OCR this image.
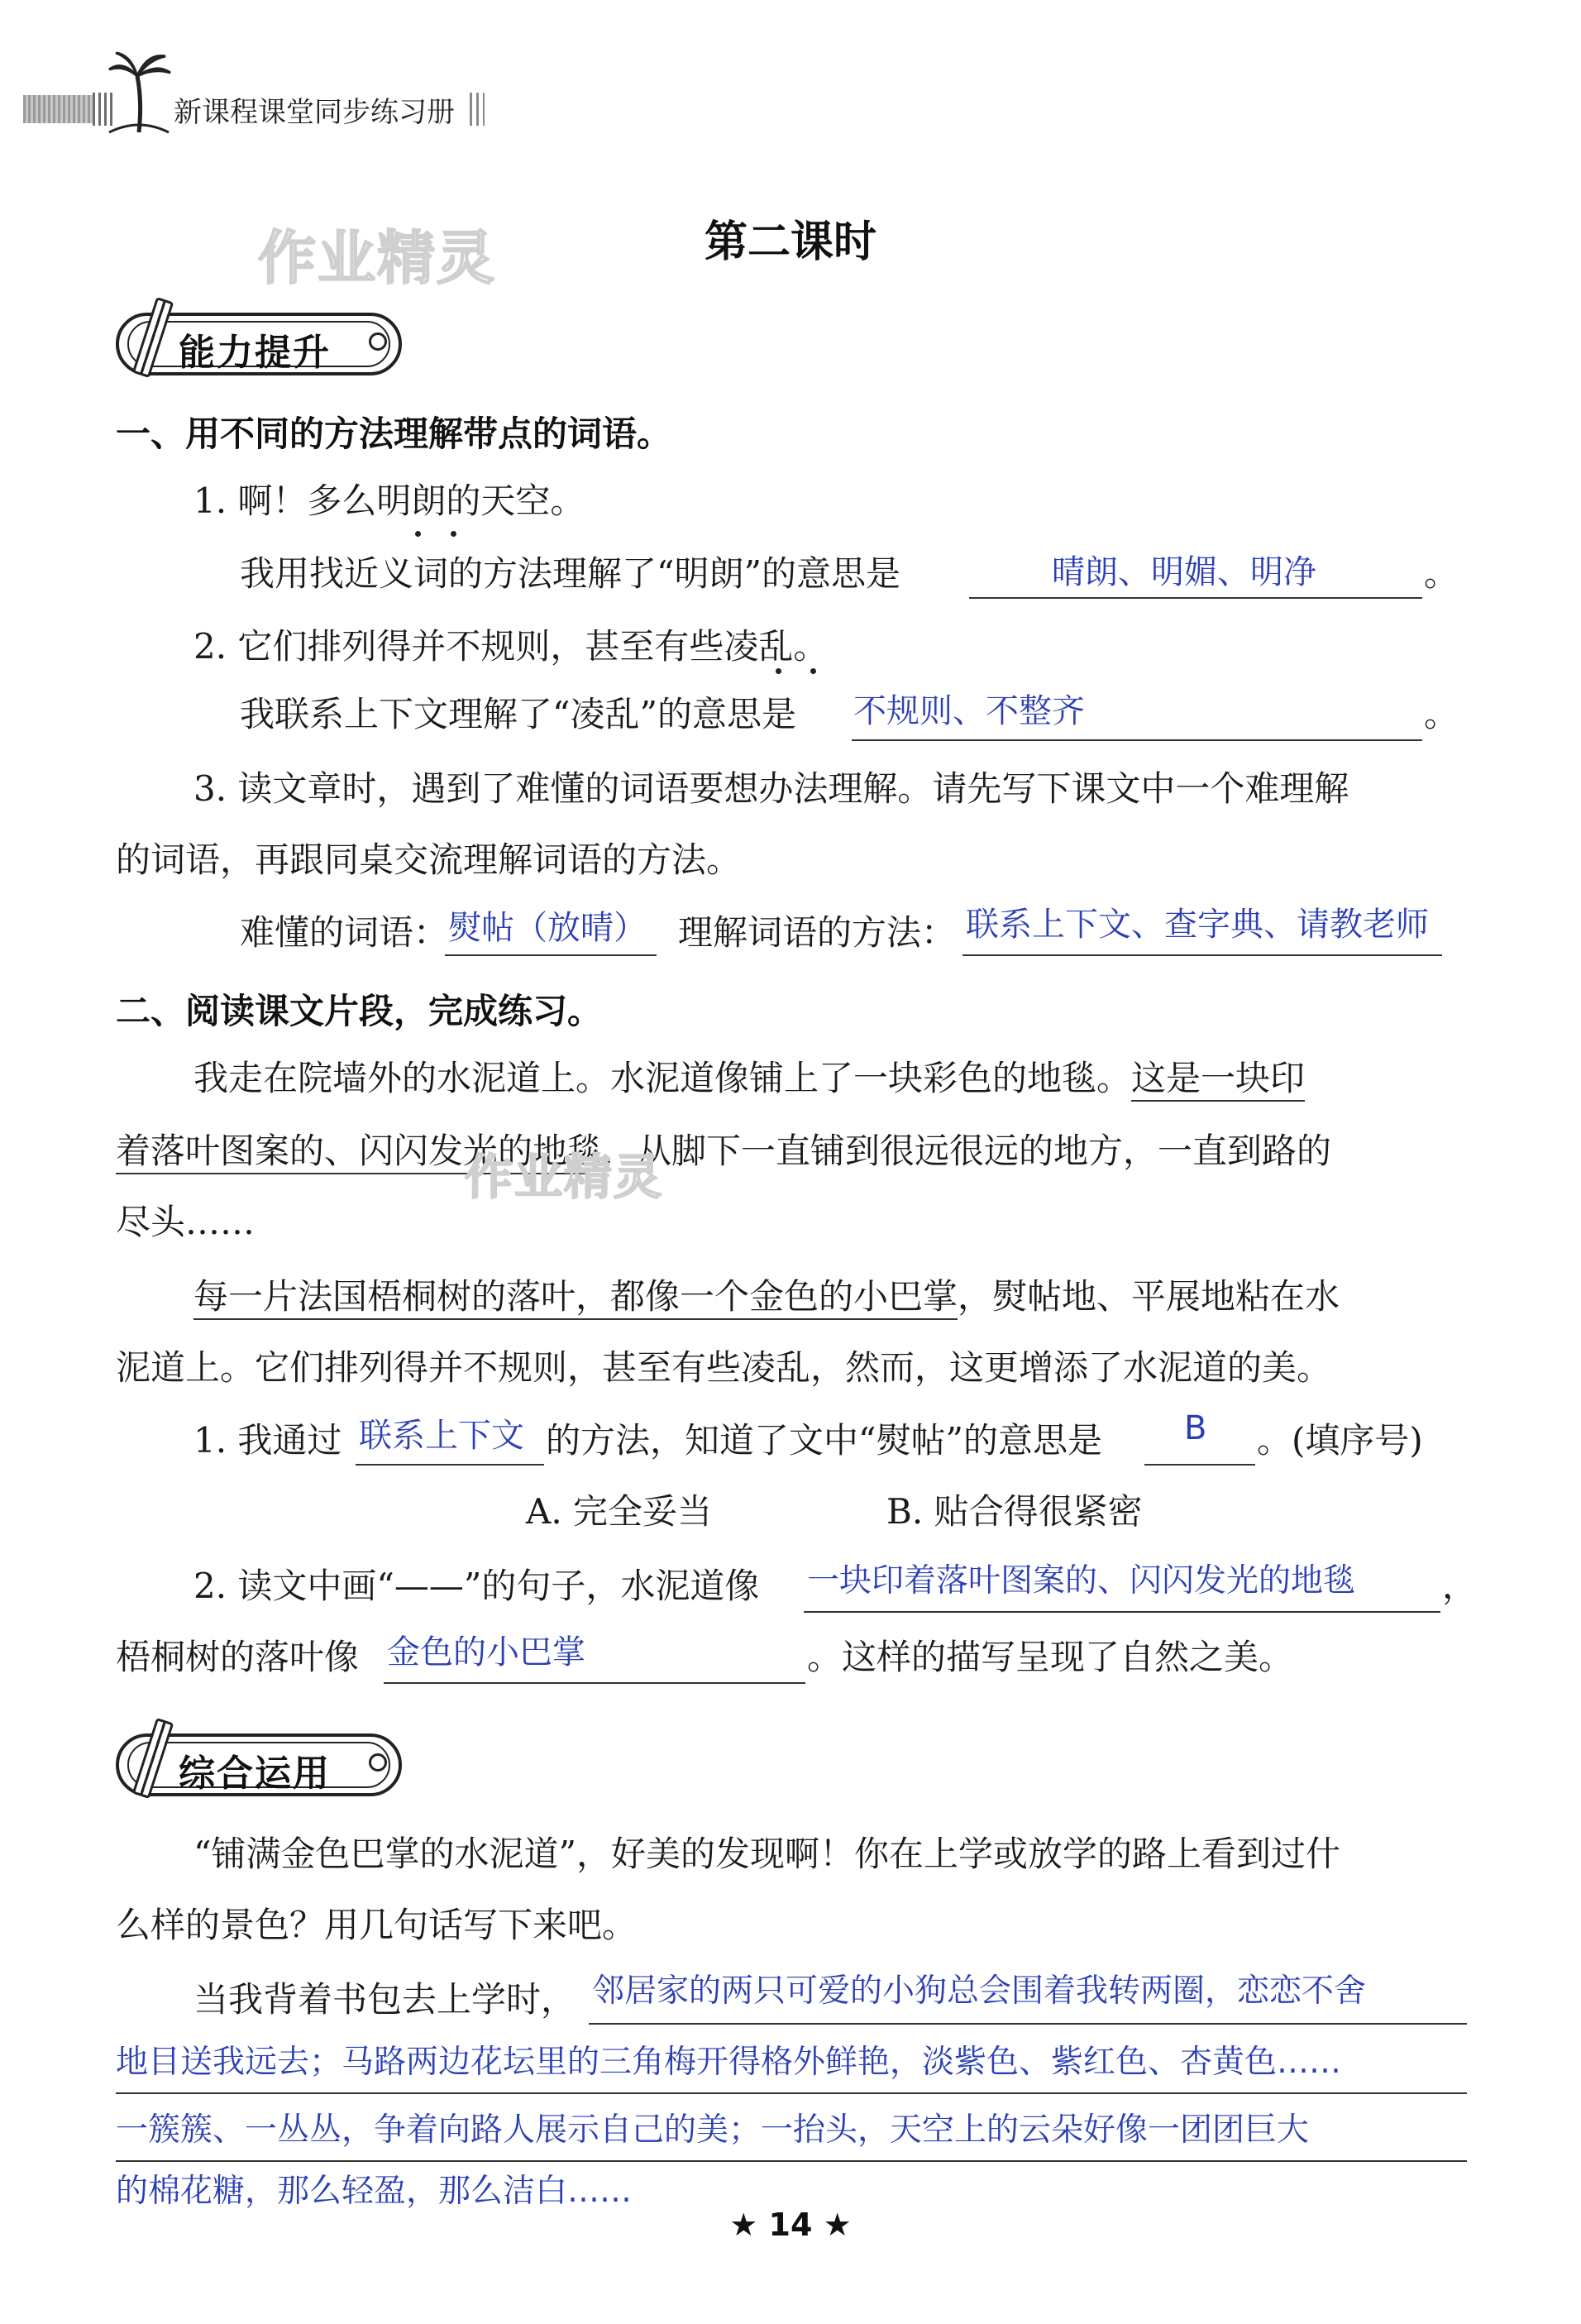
新课程课堂同步练习册
第二课时
作业精灵
能力提升
一、用不同的方法理解带点的词语。
1. 啊！多么明朗的天空。
我用找近义词的方法理解了“明朗”的意思是	晴朗、明媚、明净	。
2. 它们排列得并不规则，甚至有些凌乱。
我联系上下文理解了“凌乱”的意思是 不规则、不整齐	。
3. 读文章时，遇到了难懂的词语要想办法理解。请先写下课文中一个难理解
的词语，再跟同桌交流理解词语的方法。
难懂的词语： 熨帖（放晴） 理解词语的方法： 联系上下文、查字典、请教老师
二、阅读课文片段，完成练习。
我走在院墙外的水泥道上。水泥道像铺上了一块彩色的地毯。这是一块印
着落叶图案的、闪闪发光的地毯，从脚下一直铺到很远很远的地方，一直到路的
作业精灵
尽头……
每一片法国梧桐树的落叶，都像一个金色的小巴掌，熨帖地、平展地粘在水
泥道上。它们排列得并不规则，甚至有些凌乱，然而，这更增添了水泥道的美。
1. 我通过 联系上下文 的方法，知道了文中“熨帖”的意思是 B 。(填序号)
A. 完全妥当	B. 贴合得很紧密
2. 读文中画“——”的句子，水泥道像 一块印着落叶图案的、闪闪发光的地毯 ，
梧桐树的落叶像 金色的小巴掌	。这样的描写呈现了自然之美。
综合运用
“铺满金色巴掌的水泥道”，好美的发现啊！你在上学或放学的路上看到过什
么样的景色？用几句话写下来吧。
当我背着书包去上学时， 邻居家的两只可爱的小狗总会围着我转两圈，恋恋不舍
地目送我远去；马路两边花坛里的三角梅开得格外鲜艳，淡紫色、紫红色、杏黄色……
一簇簇、一丛丛，争着向路人展示自己的美；一抬头，天空上的云朵好像一团团巨大
的棉花糖，那么轻盈，那么洁白……
★ 14 ★
